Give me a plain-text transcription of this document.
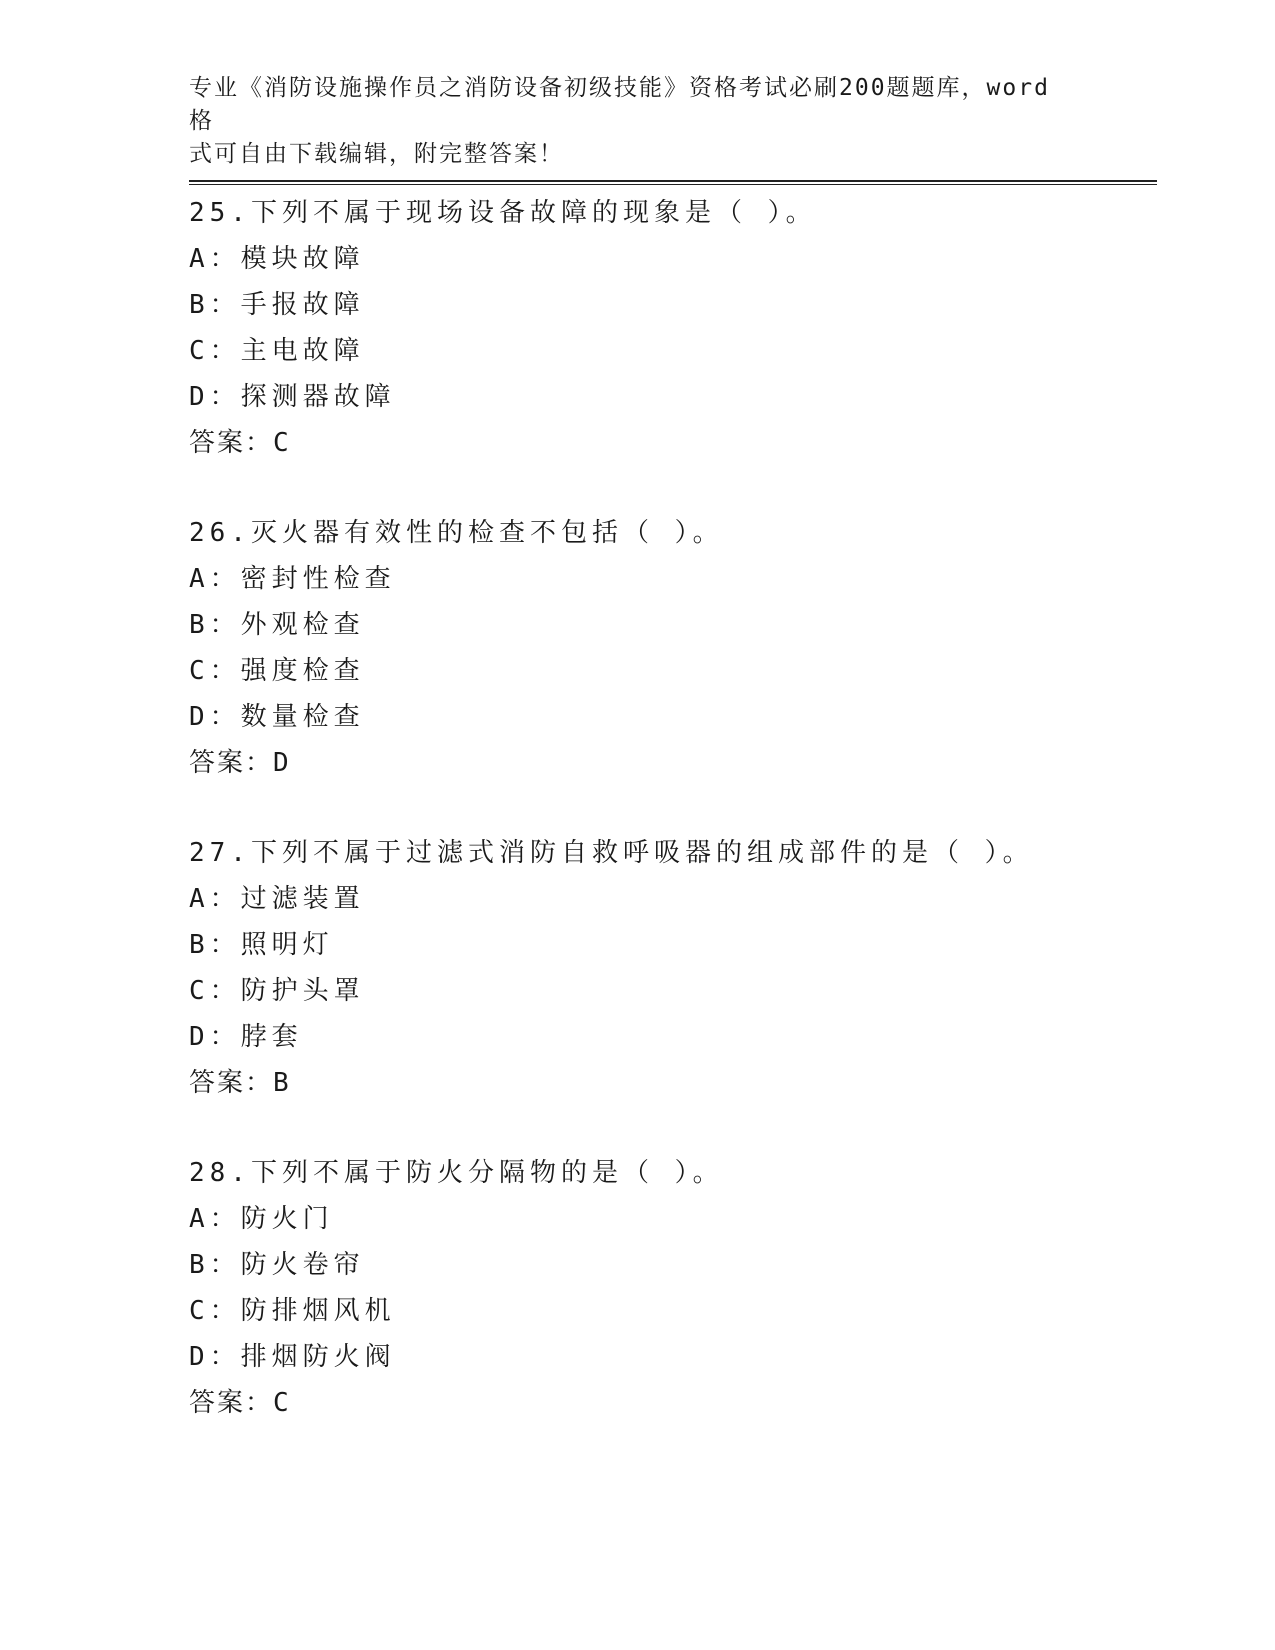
专业《消防设施操作员之消防设备初级技能》资格考试必刷200题题库，word格
式可自由下载编辑，附完整答案！
25.下列不属于现场设备故障的现象是（ ）。
A：模块故障
B：手报故障
C：主电故障
D：探测器故障
答案：C
26.灭火器有效性的检查不包括（ ）。
A：密封性检查
B：外观检查
C：强度检查
D：数量检查
答案：D
27.下列不属于过滤式消防自救呼吸器的组成部件的是（ ）。
A：过滤装置
B：照明灯
C：防护头罩
D：脖套
答案：B
28.下列不属于防火分隔物的是（ ）。
A：防火门
B：防火卷帘
C：防排烟风机
D：排烟防火阀
答案：C
